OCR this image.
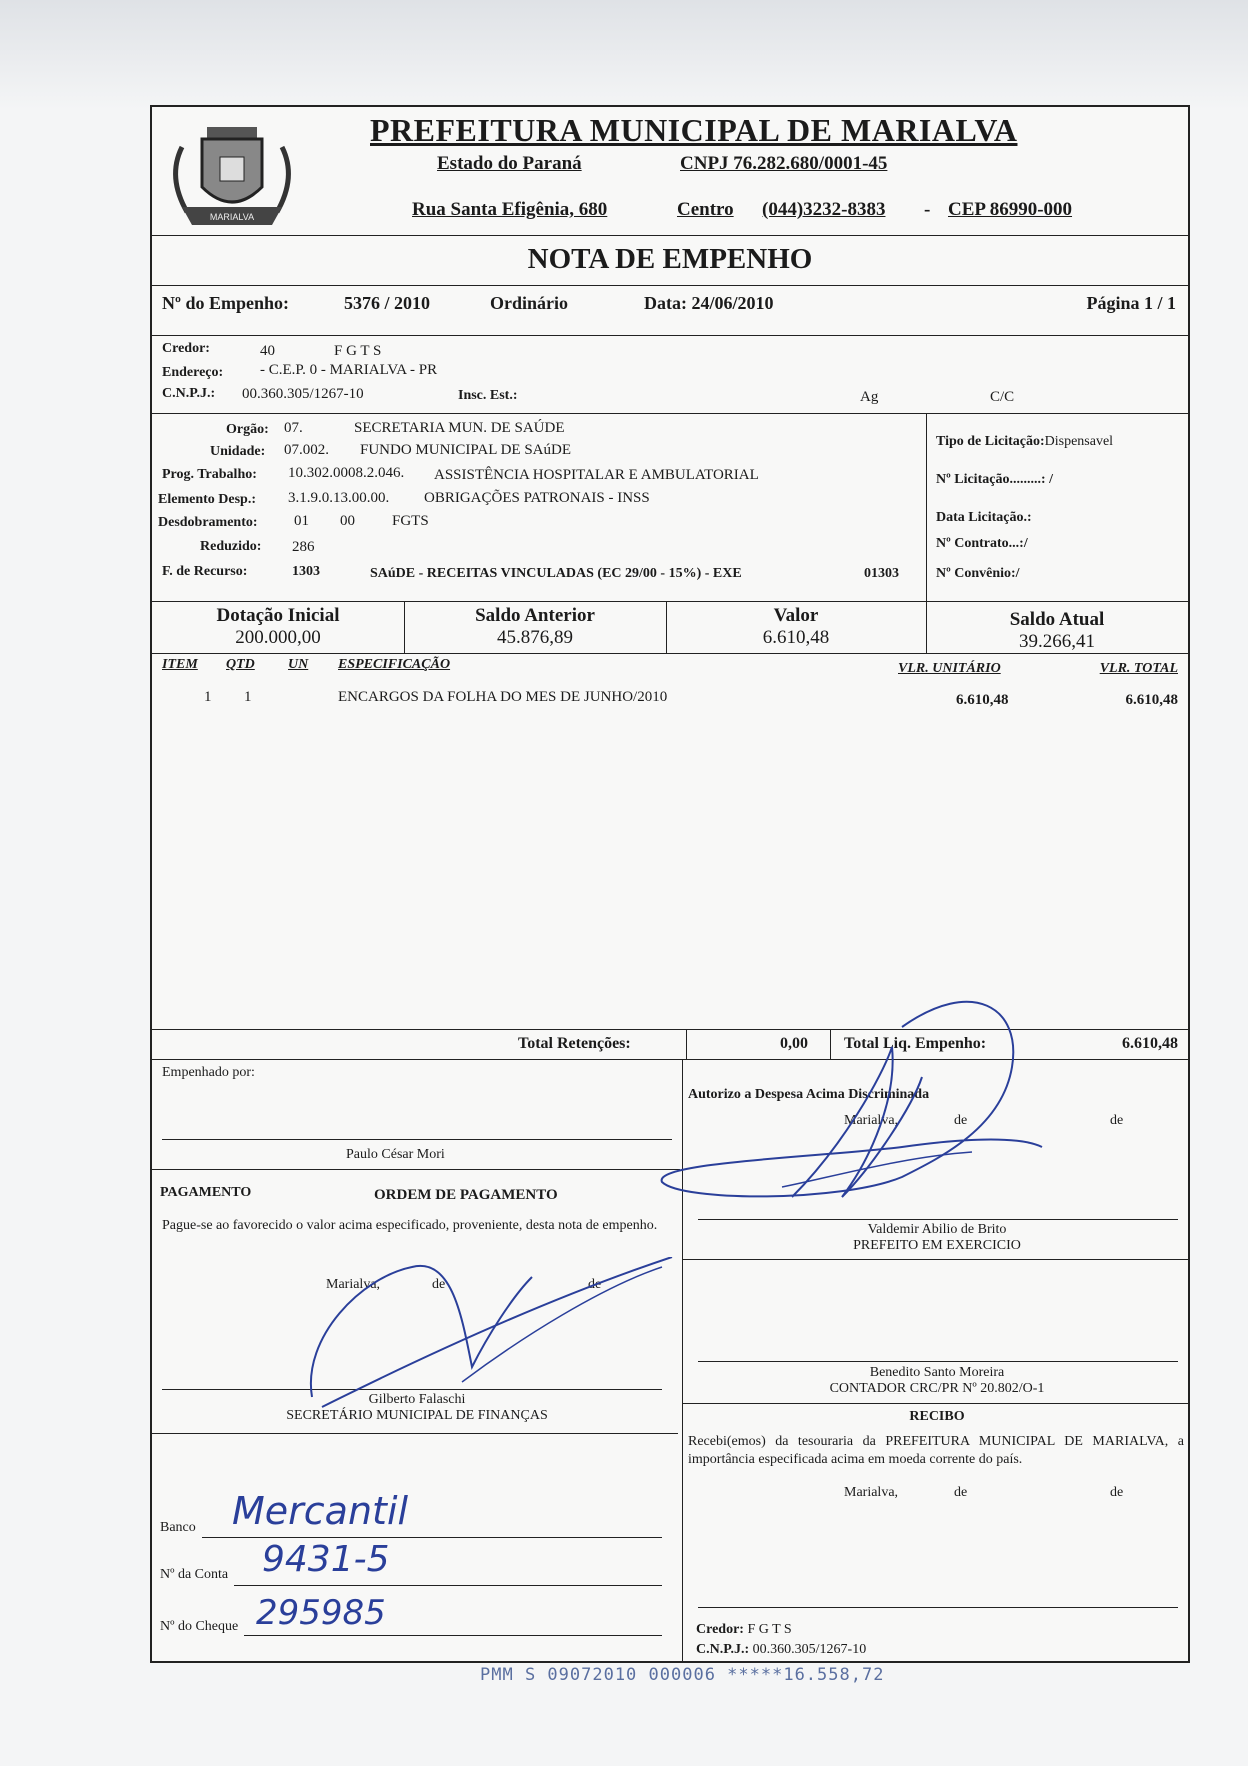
MARIALVA
PREFEITURA MUNICIPAL DE MARIALVA
Estado do Paraná	CNPJ 76.282.680/0001-45
Rua Santa Efigênia, 680	Centro (044)3232-8383 - CEP 86990-000
NOTA DE EMPENHO
Nº do Empenho:	5376 / 2010	Ordinário	Data: 24/06/2010	Página 1 / 1
Credor:	40	F G T S
Endereço: - C.E.P. 0 - MARIALVA - PR
C.N.P.J.: 00.360.305/1267-10	Insc. Est.:	Ag	C/C
Orgão: 07.	SECRETARIA MUN. DE SAÚDE
Unidade: 07.002. FUNDO MUNICIPAL DE SAúDE
Prog. Trabalho: 10.302.0008.2.046. ASSISTÊNCIA HOSPITALAR E AMBULATORIAL
Elemento Desp.: 3.1.9.0.13.00.00. OBRIGAÇÕES PATRONAIS - INSS
Desdobramento: 01 00 FGTS
Reduzido: 286
F. de Recurso:	1303	SAúDE - RECEITAS VINCULADAS (EC 29/00 - 15%) - EXE	01303
Tipo de Licitação:Dispensavel
Nº Licitação.........: /
Data Licitação.:
Nº Contrato...:/
Nº Convênio:/
Dotação Inicial
200.000,00
Saldo Anterior
45.876,89
Valor
6.610,48
Saldo Atual
39.266,41
ITEM QTD UN ESPECIFICAÇÃO	VLR. UNITÁRIO	VLR. TOTAL
1 1	ENCARGOS DA FOLHA DO MES DE JUNHO/2010	6.610,48	6.610,48
Total Retenções:	0,00 Total Liq. Empenho:	6.610,48
Empenhado por:
Paulo César Mori
Autorizo a Despesa Acima Discriminada
Marialva,	de	de
Valdemir Abilio de Brito
PREFEITO EM EXERCICIO
PAGAMENTO	ORDEM DE PAGAMENTO
Pague-se ao favorecido o valor acima especificado, proveniente, desta nota de empenho.
Marialva,	de	de
Gilberto Falaschi
SECRETÁRIO MUNICIPAL DE FINANÇAS
Benedito Santo Moreira
CONTADOR CRC/PR Nº 20.802/O-1
RECIBO
Recebi(emos) da tesouraria da PREFEITURA MUNICIPAL DE MARIALVA, a importância especificada acima em moeda corrente do país.
Marialva,	de	de
Credor: F G T S
C.N.P.J.: 00.360.305/1267-10
Banco Mercantil
Nº da Conta 9431-5
Nº do Cheque 295985
PMM S 09072010 000006 *****16.558,72
